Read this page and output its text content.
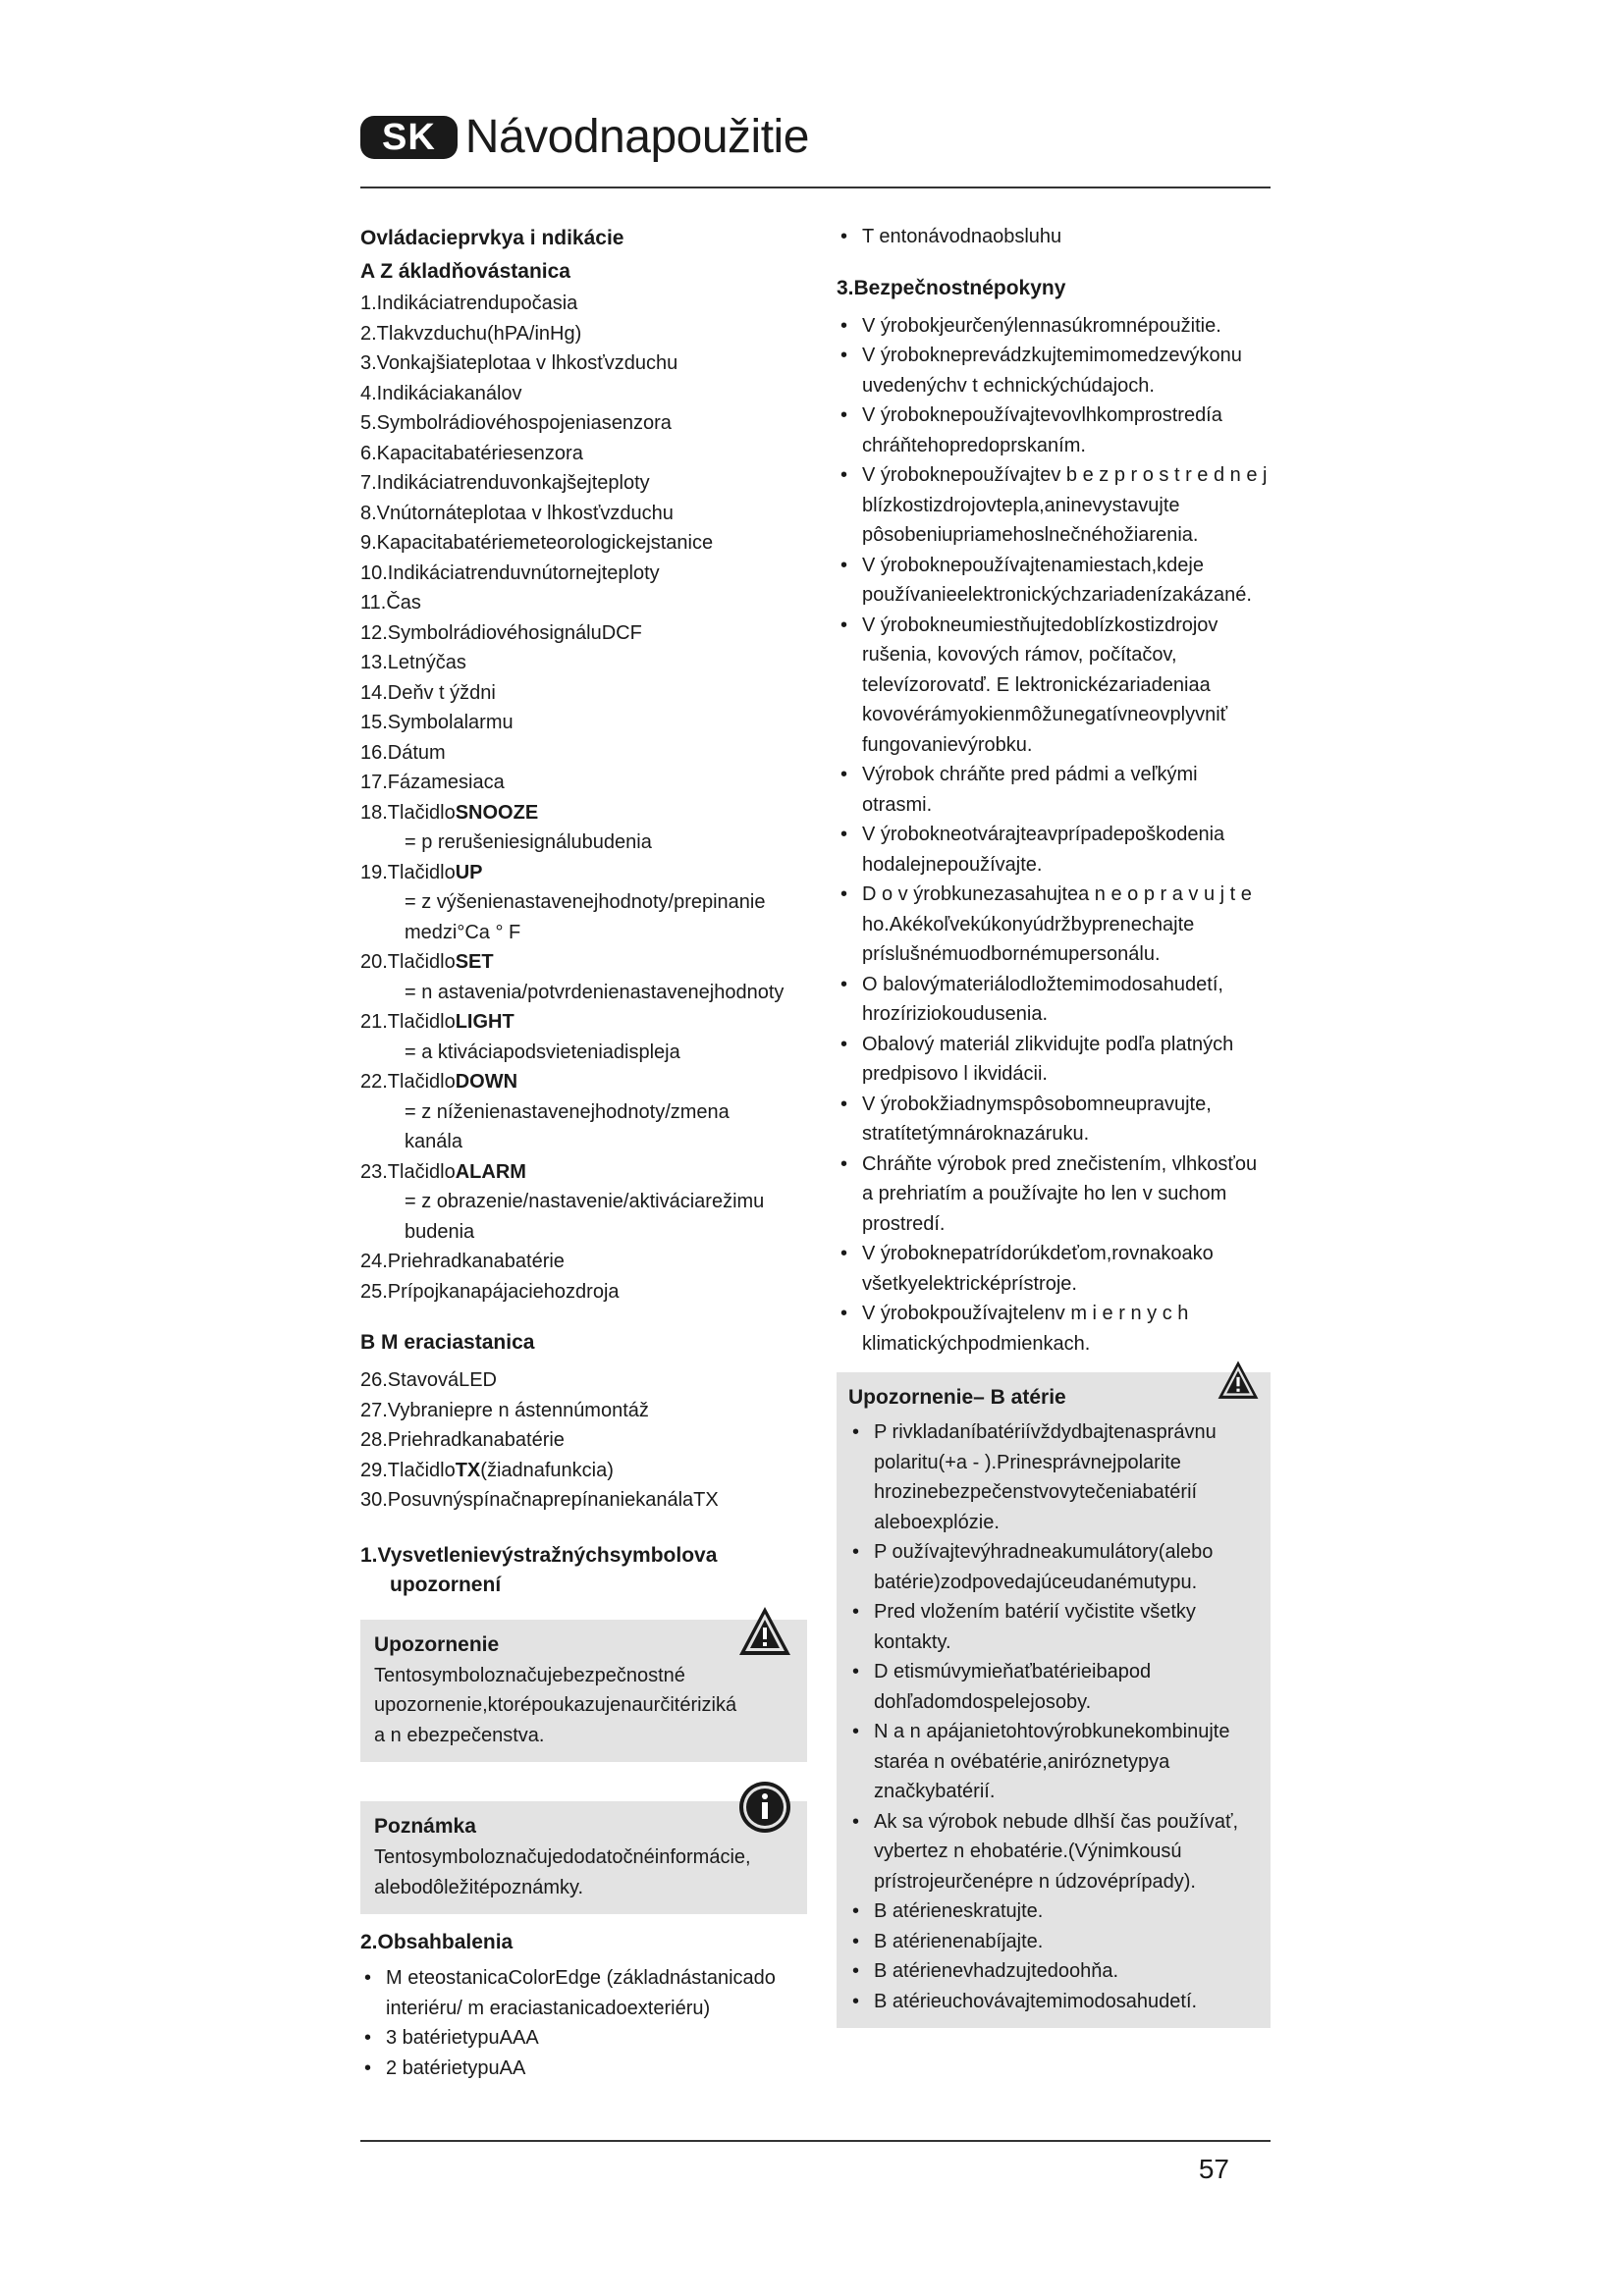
SK Návodnapoužitie

Ovládacieprvkya i ndikácie

A Z ákladňovástanica

1.Indikáciatrendupočasia

2.Tlakvzduchu(hPA/inHg)

3.Vonkajšiateplotaa v lhkosťvzduchu

4.Indikáciakanálov

5.Symbolrádiovéhospojeniasenzora

6.Kapacitabatériesenzora

7.Indikáciatrenduvonkajšejteploty

8.Vnútornáteplotaa v lhkosťvzduchu

9.Kapacitabatériemeteorologickejstanice

10.Indikáciatrenduvnútornejteploty

11.Čas

12.SymbolrádiovéhosignáluDCF

13.Letnýčas

14.Deňv t ýždni

15.Symbolalarmu

16.Dátum

17.Fázamesiaca

18.TlačidloSNOOZE

= p rerušeniesignálubudenia

19.TlačidloUP

= z výšenienastavenejhodnoty/prepinanie

medzi°Ca ° F

20.TlačidloSET

= n astavenia/potvrdenienastavenejhodnoty

21.TlačidloLIGHT

= a ktiváciapodsvieteniadispleja

22.TlačidloDOWN

= z níženienastavenejhodnoty/zmena

kanála

23.TlačidloALARM

= z obrazenie/nastavenie/aktiváciarežimu

budenia

24.Priehradkanabatérie

25.Prípojkanapájaciehozdroja

B M eraciastanica

26.StavováLED

27.Vybraniepre n ástennúmontáž

28.Priehradkanabatérie

29.TlačidloTX(žiadnafunkcia)

30.PosuvnýspínačnaprepínaniekanálaTX

1.Vysvetlenievýstražnýchsymbolova
upozornení

Upozornenie

Tentosymboloznačujebezpečnostné

upozornenie,ktorépoukazujenaurčitériziká

a n ebezpečenstva.

Poznámka

Tentosymboloznačujedodatočnéinformácie,

alebodôležitépoznámky.

2.Obsahbalenia

• M eteostanicaColorEdge (základnástanicado
interiéru/ m eraciastanicadoexteriéru)
• 3 batérietypuAAA
• 2 batérietypuAA
• T entonávodnaobsluhu

3.Bezpečnostnépokyny

• V ýrobokjeurčenýlennasúkromnépoužitie.
• V ýrobokneprevádzkujtemimomedzevýkonu
uvedenýchv t echnickýchúdajoch.
• V ýroboknepoužívajtevovlhkomprostredía
chráňtehopredoprskaním.
• V ýroboknepoužívajtev b e z p r o s t r e d n e j
blízkostizdrojovtepla,aninevystavujte
pôsobeniupriamehoslnečnéhožiarenia.
• V ýroboknepoužívajtenamiestach,kdeje
používanieelektronickýchzariadenízakázané.
• V ýrobokneumiestňujtedoblízkostizdrojov
rušenia, kovových rámov, počítačov,
televízorovatď. E lektronickézariadeniaa
kovovérámyokienmôžunegatívneovplyvniť
fungovanievýrobku.
• Výrobok chráňte pred pádmi a veľkými
otrasmi.
• V ýrobokneotvárajteavprípadepoškodenia
hodalejnepoužívajte.
• D o v ýrobkunezasahujtea n e o p r a v u j t e
ho.Akékoľvekúkonyúdržbyprenechajte
príslušnémuodbornémupersonálu.
• O balovýmateriálodložtemimodosahudetí,
hrozíriziokoudusenia.
• Obalový materiál zlikvidujte podľa platných
predpisovo l ikvidácii.
• V ýrobokžiadnymspôsobomneupravujte,
stratítetýmnároknazáruku.
• Chráňte výrobok pred znečistením, vlhkosťou
a prehriatím a používajte ho len v suchom
prostredí.
• V ýroboknepatrídorúkdeťom,rovnakoako
všetkyelektricképrístroje.
• V ýrobokpoužívajtelenv m i e r n y c h
klimatickýchpodmienkach.

Upozornenie– B atérie

• P rivkladaníbatériívždydbajtenasprávnu
polaritu(+a - ).Prinesprávnejpolarite
hrozinebezpečenstvovytečeniabatérií
aleboexplózie.
• P oužívajtevýhradneakumulátory(alebo
batérie)zodpovedajúceudanémutypu.
• Pred vložením batérií vyčistite všetky
kontakty.
• D etismúvymieňaťbatérieibapod
dohľadomdospelejosoby.
• N a n apájanietohtovýrobkunekombinujte
staréa n ovébatérie,aniróznetypya
značkybatérií.
• Ak sa výrobok nebude dlhší čas používať,
vybertez n ehobatérie.(Výnimkousú
prístrojeurčenépre n údzovéprípady).
• B atérieneskratujte.
• B atérienenabíjajte.
• B atérienevhadzujtedoohňa.
• B atérieuchovávajtemimodosahudetí.
57
